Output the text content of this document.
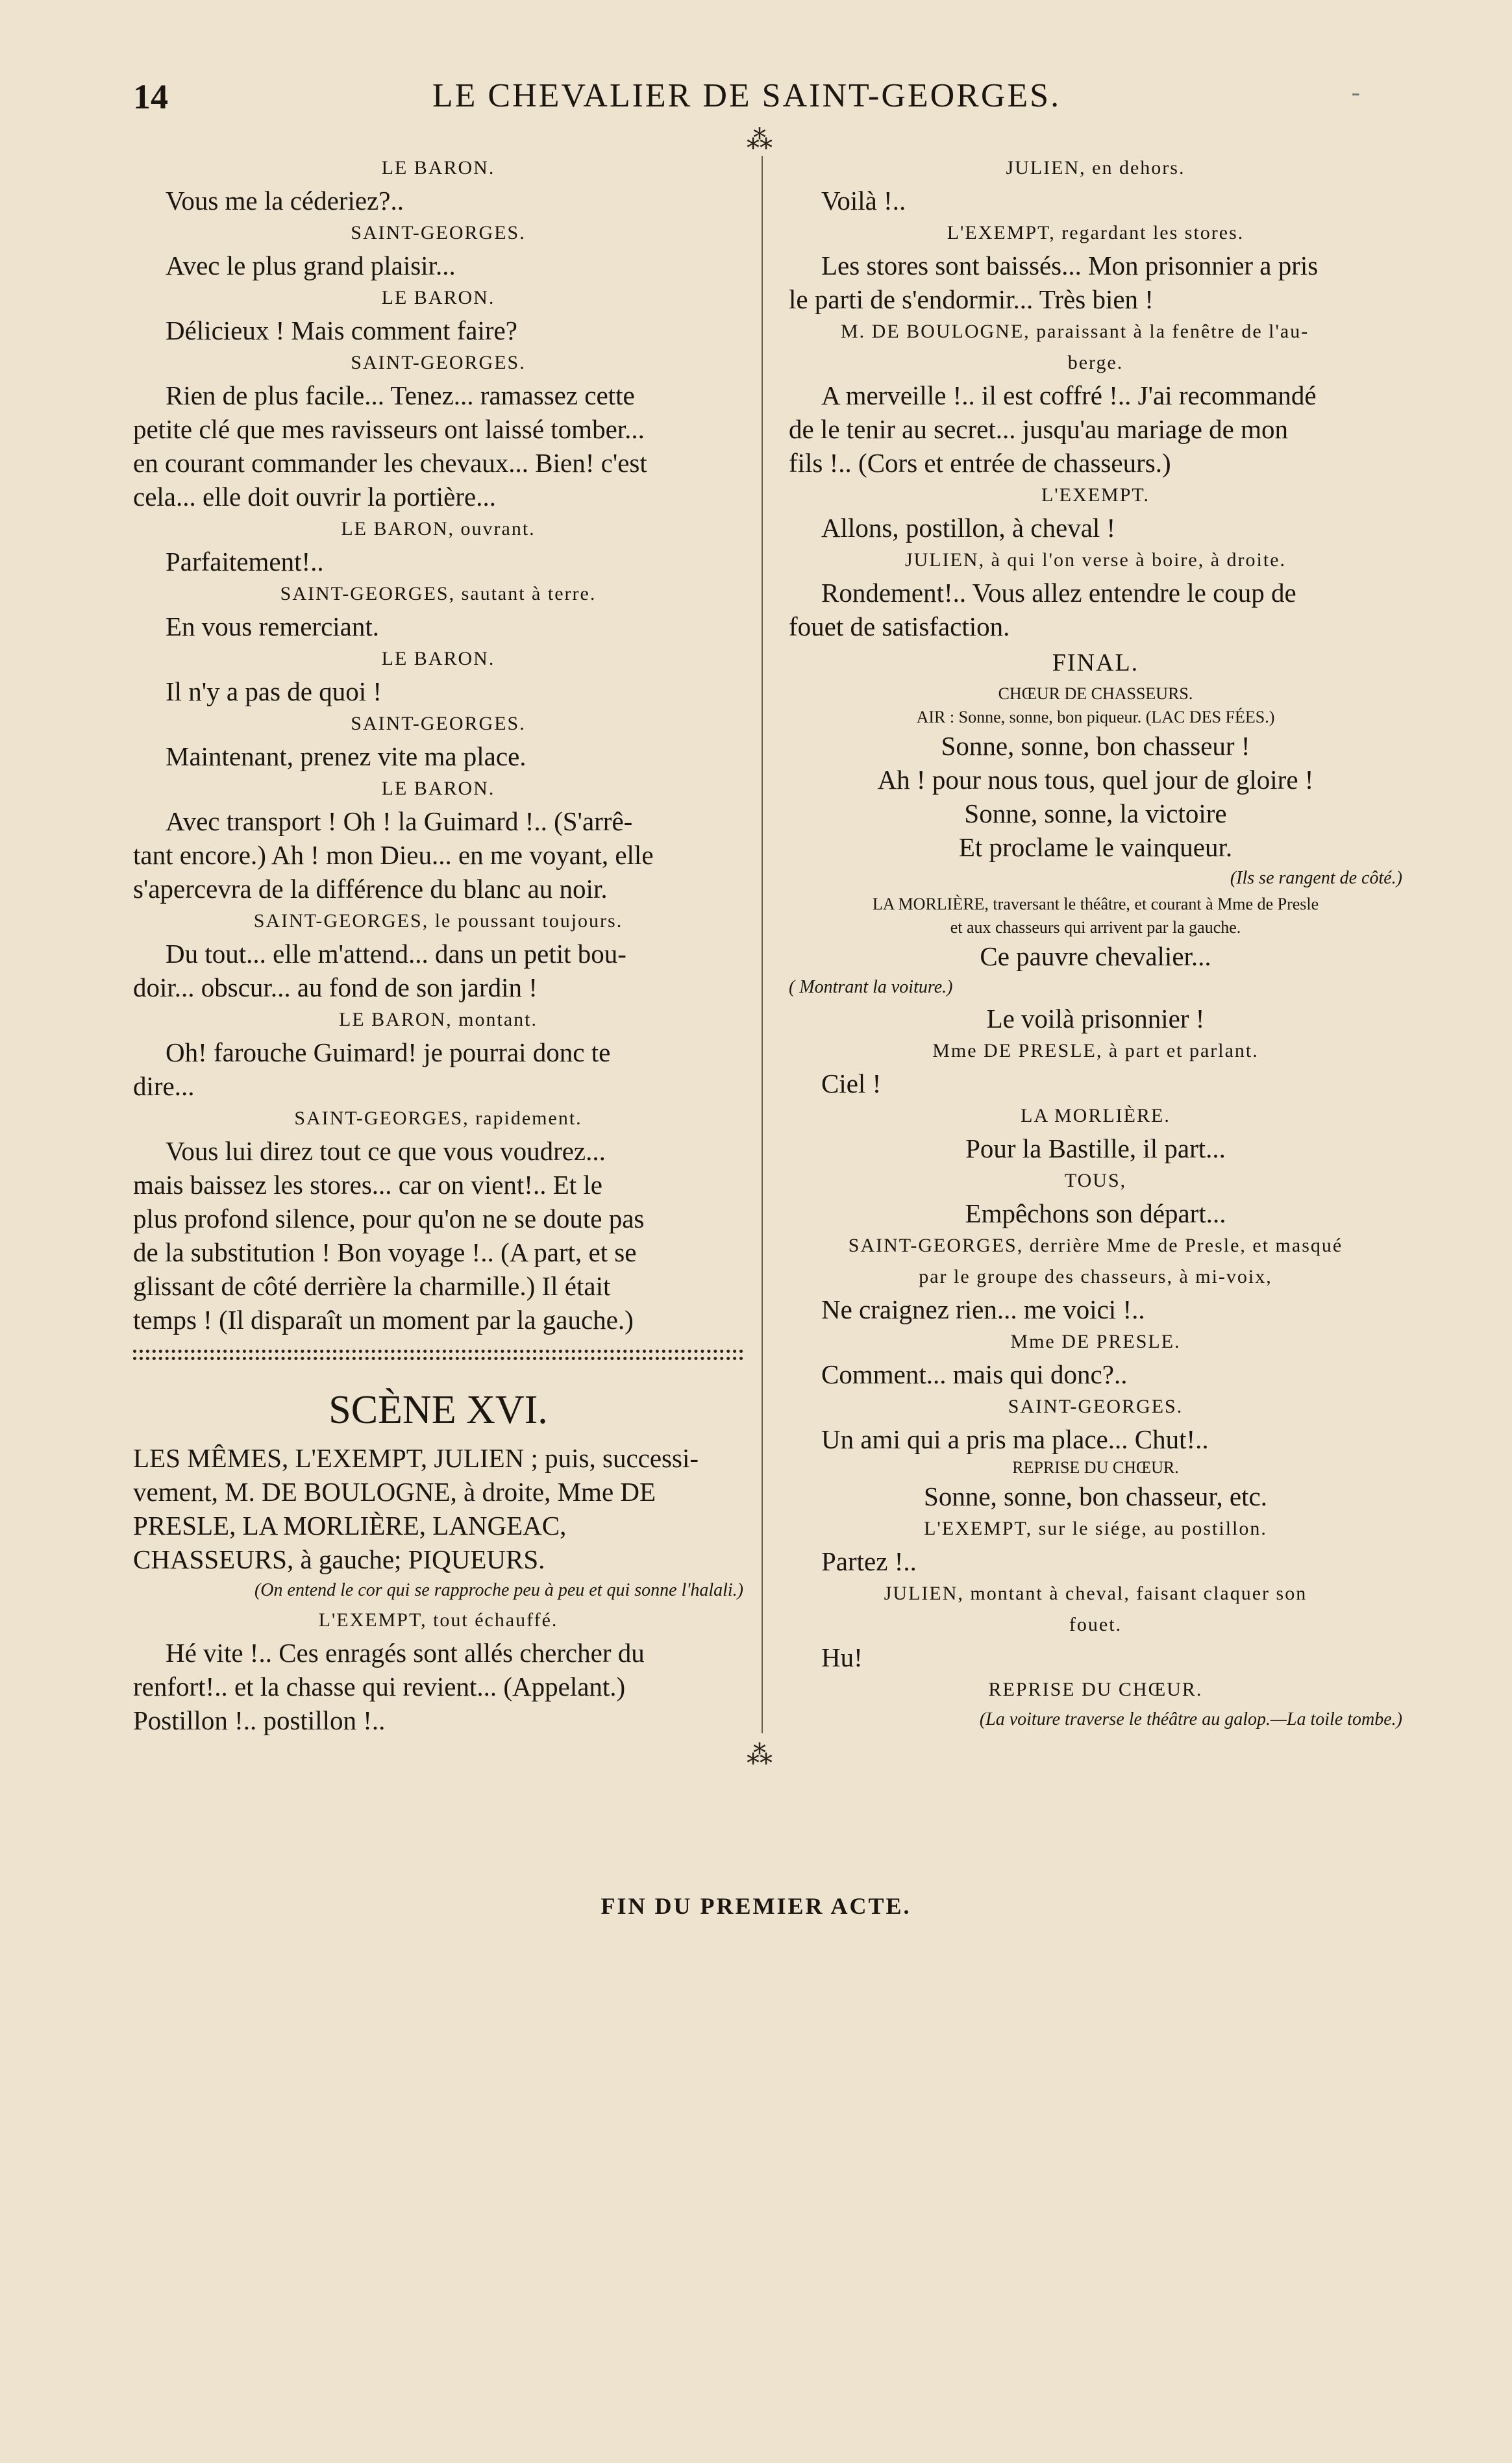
14	LE CHEVALIER DE SAINT-GEORGES.	-
⁂
LE BARON.
Vous me la céderiez?..
SAINT-GEORGES.
Avec le plus grand plaisir...
LE BARON.
Délicieux ! Mais comment faire?
SAINT-GEORGES.
Rien de plus facile... Tenez... ramassez cette
petite clé que mes ravisseurs ont laissé tomber...
en courant commander les chevaux... Bien! c'est
cela... elle doit ouvrir la portière...
LE BARON, ouvrant.
Parfaitement!..
SAINT-GEORGES, sautant à terre.
En vous remerciant.
LE BARON.
Il n'y a pas de quoi !
SAINT-GEORGES.
Maintenant, prenez vite ma place.
LE BARON.
Avec transport ! Oh ! la Guimard !.. (S'arrê-
tant encore.) Ah ! mon Dieu... en me voyant, elle
s'apercevra de la différence du blanc au noir.
SAINT-GEORGES, le poussant toujours.
Du tout... elle m'attend... dans un petit bou-
doir... obscur... au fond de son jardin !
LE BARON, montant.
Oh! farouche Guimard! je pourrai donc te
dire...
SAINT-GEORGES, rapidement.
Vous lui direz tout ce que vous voudrez...
mais baissez les stores... car on vient!.. Et le
plus profond silence, pour qu'on ne se doute pas
de la substitution ! Bon voyage !.. (A part, et se
glissant de côté derrière la charmille.) Il était
temps ! (Il disparaît un moment par la gauche.)
SCÈNE XVI.
LES MÊMES, L'EXEMPT, JULIEN ; puis, successi-
vement, M. DE BOULOGNE, à droite, Mme DE
PRESLE, LA MORLIÈRE, LANGEAC,
CHASSEURS, à gauche; PIQUEURS.
(On entend le cor qui se rapproche peu à peu et qui sonne l'halali.)
L'EXEMPT, tout échauffé.
Hé vite !.. Ces enragés sont allés chercher du
renfort!.. et la chasse qui revient... (Appelant.)
Postillon !.. postillon !..
JULIEN, en dehors.
Voilà !..
L'EXEMPT, regardant les stores.
Les stores sont baissés... Mon prisonnier a pris
le parti de s'endormir... Très bien !
M. DE BOULOGNE, paraissant à la fenêtre de l'au-
berge.
A merveille !.. il est coffré !.. J'ai recommandé
de le tenir au secret... jusqu'au mariage de mon
fils !.. (Cors et entrée de chasseurs.)
L'EXEMPT.
Allons, postillon, à cheval !
JULIEN, à qui l'on verse à boire, à droite.
Rondement!.. Vous allez entendre le coup de
fouet de satisfaction.
FINAL.
CHŒUR DE CHASSEURS.
AIR : Sonne, sonne, bon piqueur. (LAC DES FÉES.)
Sonne, sonne, bon chasseur !
Ah ! pour nous tous, quel jour de gloire !
Sonne, sonne, la victoire
Et proclame le vainqueur.
(Ils se rangent de côté.)
LA MORLIÈRE, traversant le théâtre, et courant à Mme de Presle
et aux chasseurs qui arrivent par la gauche.
Ce pauvre chevalier...
( Montrant la voiture.)
Le voilà prisonnier !
Mme DE PRESLE, à part et parlant.
Ciel !
LA MORLIÈRE.
Pour la Bastille, il part...
TOUS,
Empêchons son départ...
SAINT-GEORGES, derrière Mme de Presle, et masqué
par le groupe des chasseurs, à mi-voix,
Ne craignez rien... me voici !..
Mme DE PRESLE.
Comment... mais qui donc?..
SAINT-GEORGES.
Un ami qui a pris ma place... Chut!..
REPRISE DU CHŒUR.
Sonne, sonne, bon chasseur, etc.
L'EXEMPT, sur le siége, au postillon.
Partez !..
JULIEN, montant à cheval, faisant claquer son
fouet.
Hu!
REPRISE DU CHŒUR.
(La voiture traverse le théâtre au galop.—La toile tombe.)
⁂
FIN DU PREMIER ACTE.
